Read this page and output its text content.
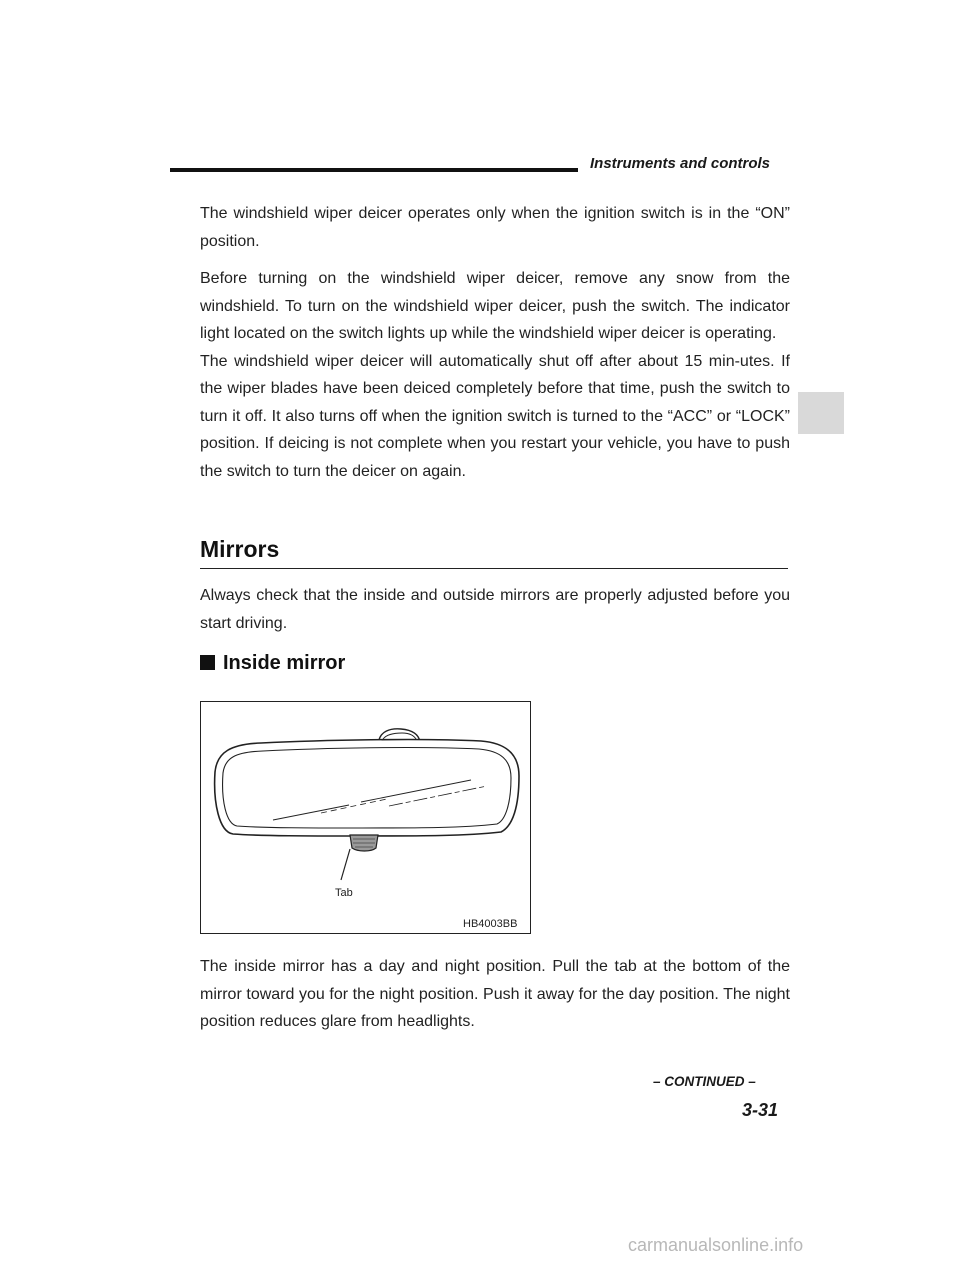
Instruments and controls

The windshield wiper deicer operates only when the ignition switch is in the “ON” position.

Before turning on the windshield wiper deicer, remove any snow from the windshield. To turn on the windshield wiper deicer, push the switch. The indicator light located on the switch lights up while the windshield wiper deicer is operating.

The windshield wiper deicer will automatically shut off after about 15 min-utes. If the wiper blades have been deiced completely before that time, push the switch to turn it off. It also turns off when the ignition switch is turned to the “ACC” or “LOCK” position. If deicing is not complete when you restart your vehicle, you have to push the switch to turn the deicer on again.

Mirrors

Always check that the inside and outside mirrors are properly adjusted before you start driving.

Inside mirror
Tab
HB4003BB

The inside mirror has a day and night position. Pull the tab at the bottom of the mirror toward you for the night position. Push it away for the day position. The night position reduces glare from headlights.

– CONTINUED –
3-31
carmanualsonline.info
